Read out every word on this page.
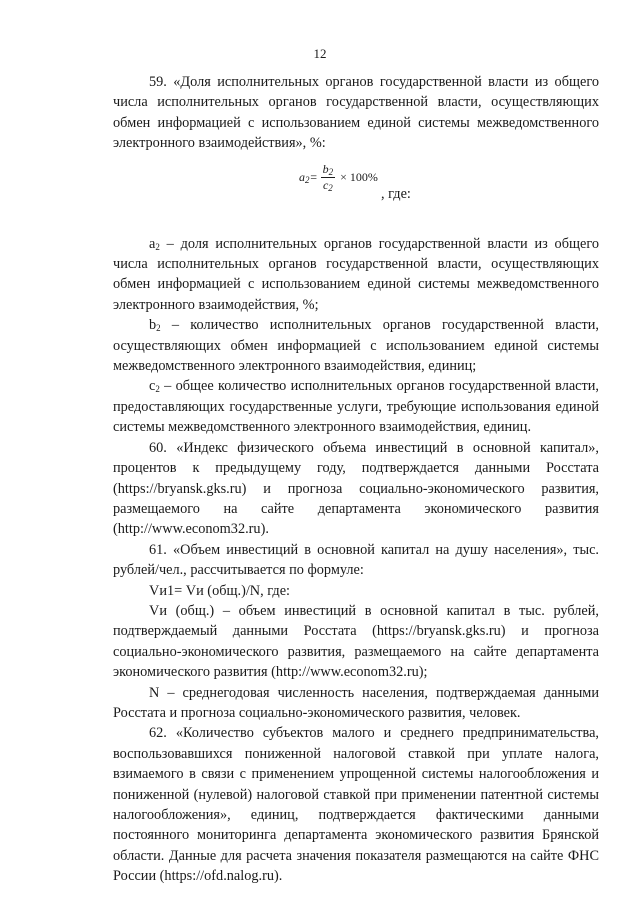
12

59. «Доля исполнительных органов государственной власти из общего числа исполнительных органов государственной власти, осуществляющих обмен информацией с использованием единой системы межведомственного электронного взаимодействия», %:

$a_2 = \frac{b_2}{c_2} \times 100\%$
, где:

$a_2$ – доля исполнительных органов государственной власти из общего числа исполнительных органов государственной власти, осуществляющих обмен информацией с использованием единой системы межведомственного электронного взаимодействия, %;

$b_2$ – количество исполнительных органов государственной власти, осуществляющих обмен информацией с использованием единой системы межведомственного электронного взаимодействия, единиц;

$c_2$ – общее количество исполнительных органов государственной власти, предоставляющих государственные услуги, требующие использования единой системы межведомственного электронного взаимодействия, единиц.

60. «Индекс физического объема инвестиций в основной капитал», процентов к предыдущему году, подтверждается данными Росстата (https://bryansk.gks.ru) и прогноза социально-экономического развития, размещаемого на сайте департамента экономического развития (http://www.econom32.ru).

61. «Объем инвестиций в основной капитал на душу населения», тыс. рублей/чел., рассчитывается по формуле:

Vи1= Vи (общ.)/N, где:

Vи (общ.) – объем инвестиций в основной капитал в тыс. рублей, подтверждаемый данными Росстата (https://bryansk.gks.ru) и прогноза социально-экономического развития, размещаемого на сайте департамента экономического развития (http://www.econom32.ru);

N – среднегодовая численность населения, подтверждаемая данными Росстата и прогноза социально-экономического развития, человек.

62. «Количество субъектов малого и среднего предпринимательства, воспользовавшихся пониженной налоговой ставкой при уплате налога, взимаемого в связи с применением упрощенной системы налогообложения и пониженной (нулевой) налоговой ставкой при применении патентной системы налогообложения», единиц, подтверждается фактическими данными постоянного мониторинга департамента экономического развития Брянской области. Данные для расчета значения показателя размещаются на сайте ФНС России (https://ofd.nalog.ru).
